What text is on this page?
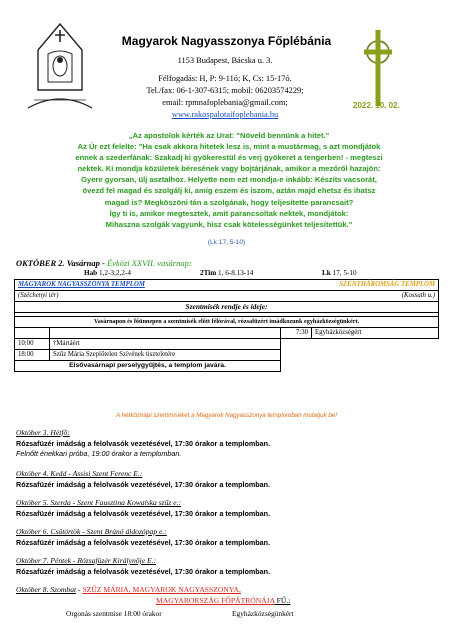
Magyarok Nagyasszonya Főplébánia
1153 Budapest, Bácska u. 3.
Félfogadás: H, P: 9-11ó; K, Cs: 15-17ó.
Tel./fax: 06-1-307-6315; mobil: 06203574229;
email: rpmnafoplebania@gmail.com;
www.rakospalotaifoplebania.hu
2022. 10. 02.
„Az apostolok kérték az Urat: "Növeld bennünk a hitet."
Az Úr ezt felelte: "Ha csak akkora hitetek lesz is, mint a mustármag, s azt mondjátok
ennek a szederfának: Szakadj ki gyökerestül és verj gyökeret a tengerben! - megteszi
nektek. Ki mondja közületek béresének vagy bojtárjának, amikor a mezőről hazajön:
Gyere gyorsan, ülj asztalhoz. Helyette nem ezt mondja-e inkább: Készíts vacsorát,
övezd fel magad és szolgálj ki, amíg eszem és iszom, aztán majd ehetsz és ihatsz
magad is? Megköszöni tán a szolgának, hogy teljesítette parancsait?
Így ti is, amikor megtesztek, amit parancsoltak nektek, mondjátok:
Mihaszna szolgák vagyunk, hisz csak kötelességünket teljesítettük."
(Lk 17, 5-10)
OKTÓBER 2. Vasárnap - Évközi XXVII. vasárnap:
Hab 1,2-3;2,2-4	2Tim 1, 6-8.13-14	Lk 17, 5-10
MAGYAROK NAGYASSZONYA TEMPLOM		SZENTHÁROMSÁG TEMPLOM	
(Széchenyi tér)		(Kossuth u.)	
Szentmisék rendje és ideje:			

Vasárnapon és főünnepen a szentmisék előtt félórával, rózsafüzért imádkozunk egyházközségünkért.			
		7:30	Egyházközségért
10:00	†Mártáért		
18:00	Szűz Mária Szeplőtelen Szívének tiszteletére		
Elsővasárnapi perselygyűjtés, a templom javára.			
A hétköznapi szentmiséket a Magyarok Nagyasszonya templomban mutatjuk be!
Október 3. Hétfő:
Rózsafüzér imádság a felolvasók vezetésével, 17:30 órakor a templomban.
Felnőtt énekkari próba, 19:00 órakor a templomban.
Október 4. Kedd - Assisi Szent Ferenc E.:
Rózsafüzér imádság a felolvasók vezetésével, 17:30 órakor a templomban.
Október 5. Szerda - Szent Fausztina Kowalska szűz e.:
Rózsafüzér imádság a felolvasók vezetésével, 17:30 órakor a templomban.
Október 6. Csütörtök - Szent Brúnó áldozópap e.:
Rózsafüzér imádság a felolvasók vezetésével, 17:30 órakor a templomban.
Október 7. Péntek - Rózsafüzér Királynője E.:
Rózsafüzér imádság a felolvasók vezetésével, 17:30 órakor a templomban.
Október 8. Szombat - SZŰZ MÁRIA, MAGYAROK NAGYASSZONYA,
MAGYARORSZÁG FŐPÁTRÓNÁJA FŰ.:
Orgonás szentmise 18:00 órakor	Egyházközségünkért
